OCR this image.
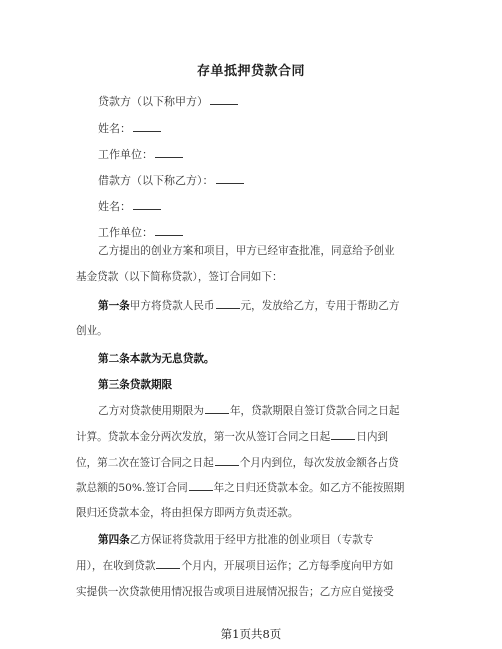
存单抵押贷款合同
贷款方（以下称甲方）
姓名：
工作单位：
借款方（以下称乙方）：
姓名：
工作单位：
乙方提出的创业方案和项目，甲方已经审查批准，同意给予创业
基金贷款（以下简称贷款），签订合同如下：
第一条甲方将贷款人民币 元，发放给乙方，专用于帮助乙方
创业。
第二条本款为无息贷款。
第三条贷款期限
乙方对贷款使用期限为 年，贷款期限自签订贷款合同之日起
计算。贷款本金分两次发放，第一次从签订合同之日起 日内到
位，第二次在签订合同之日起 个月内到位，每次发放金额各占贷
款总额的50%.签订合同 年之日归还贷款本金。如乙方不能按照期
限归还贷款本金，将由担保方即两方负责还款。
第四条乙方保证将贷款用于经甲方批准的创业项目（专款专
用），在收到贷款 个月内，开展项目运作；乙方每季度向甲方如
实提供一次贷款使用情况报告或项目进展情况报告；乙方应自觉接受
第1页共8页
